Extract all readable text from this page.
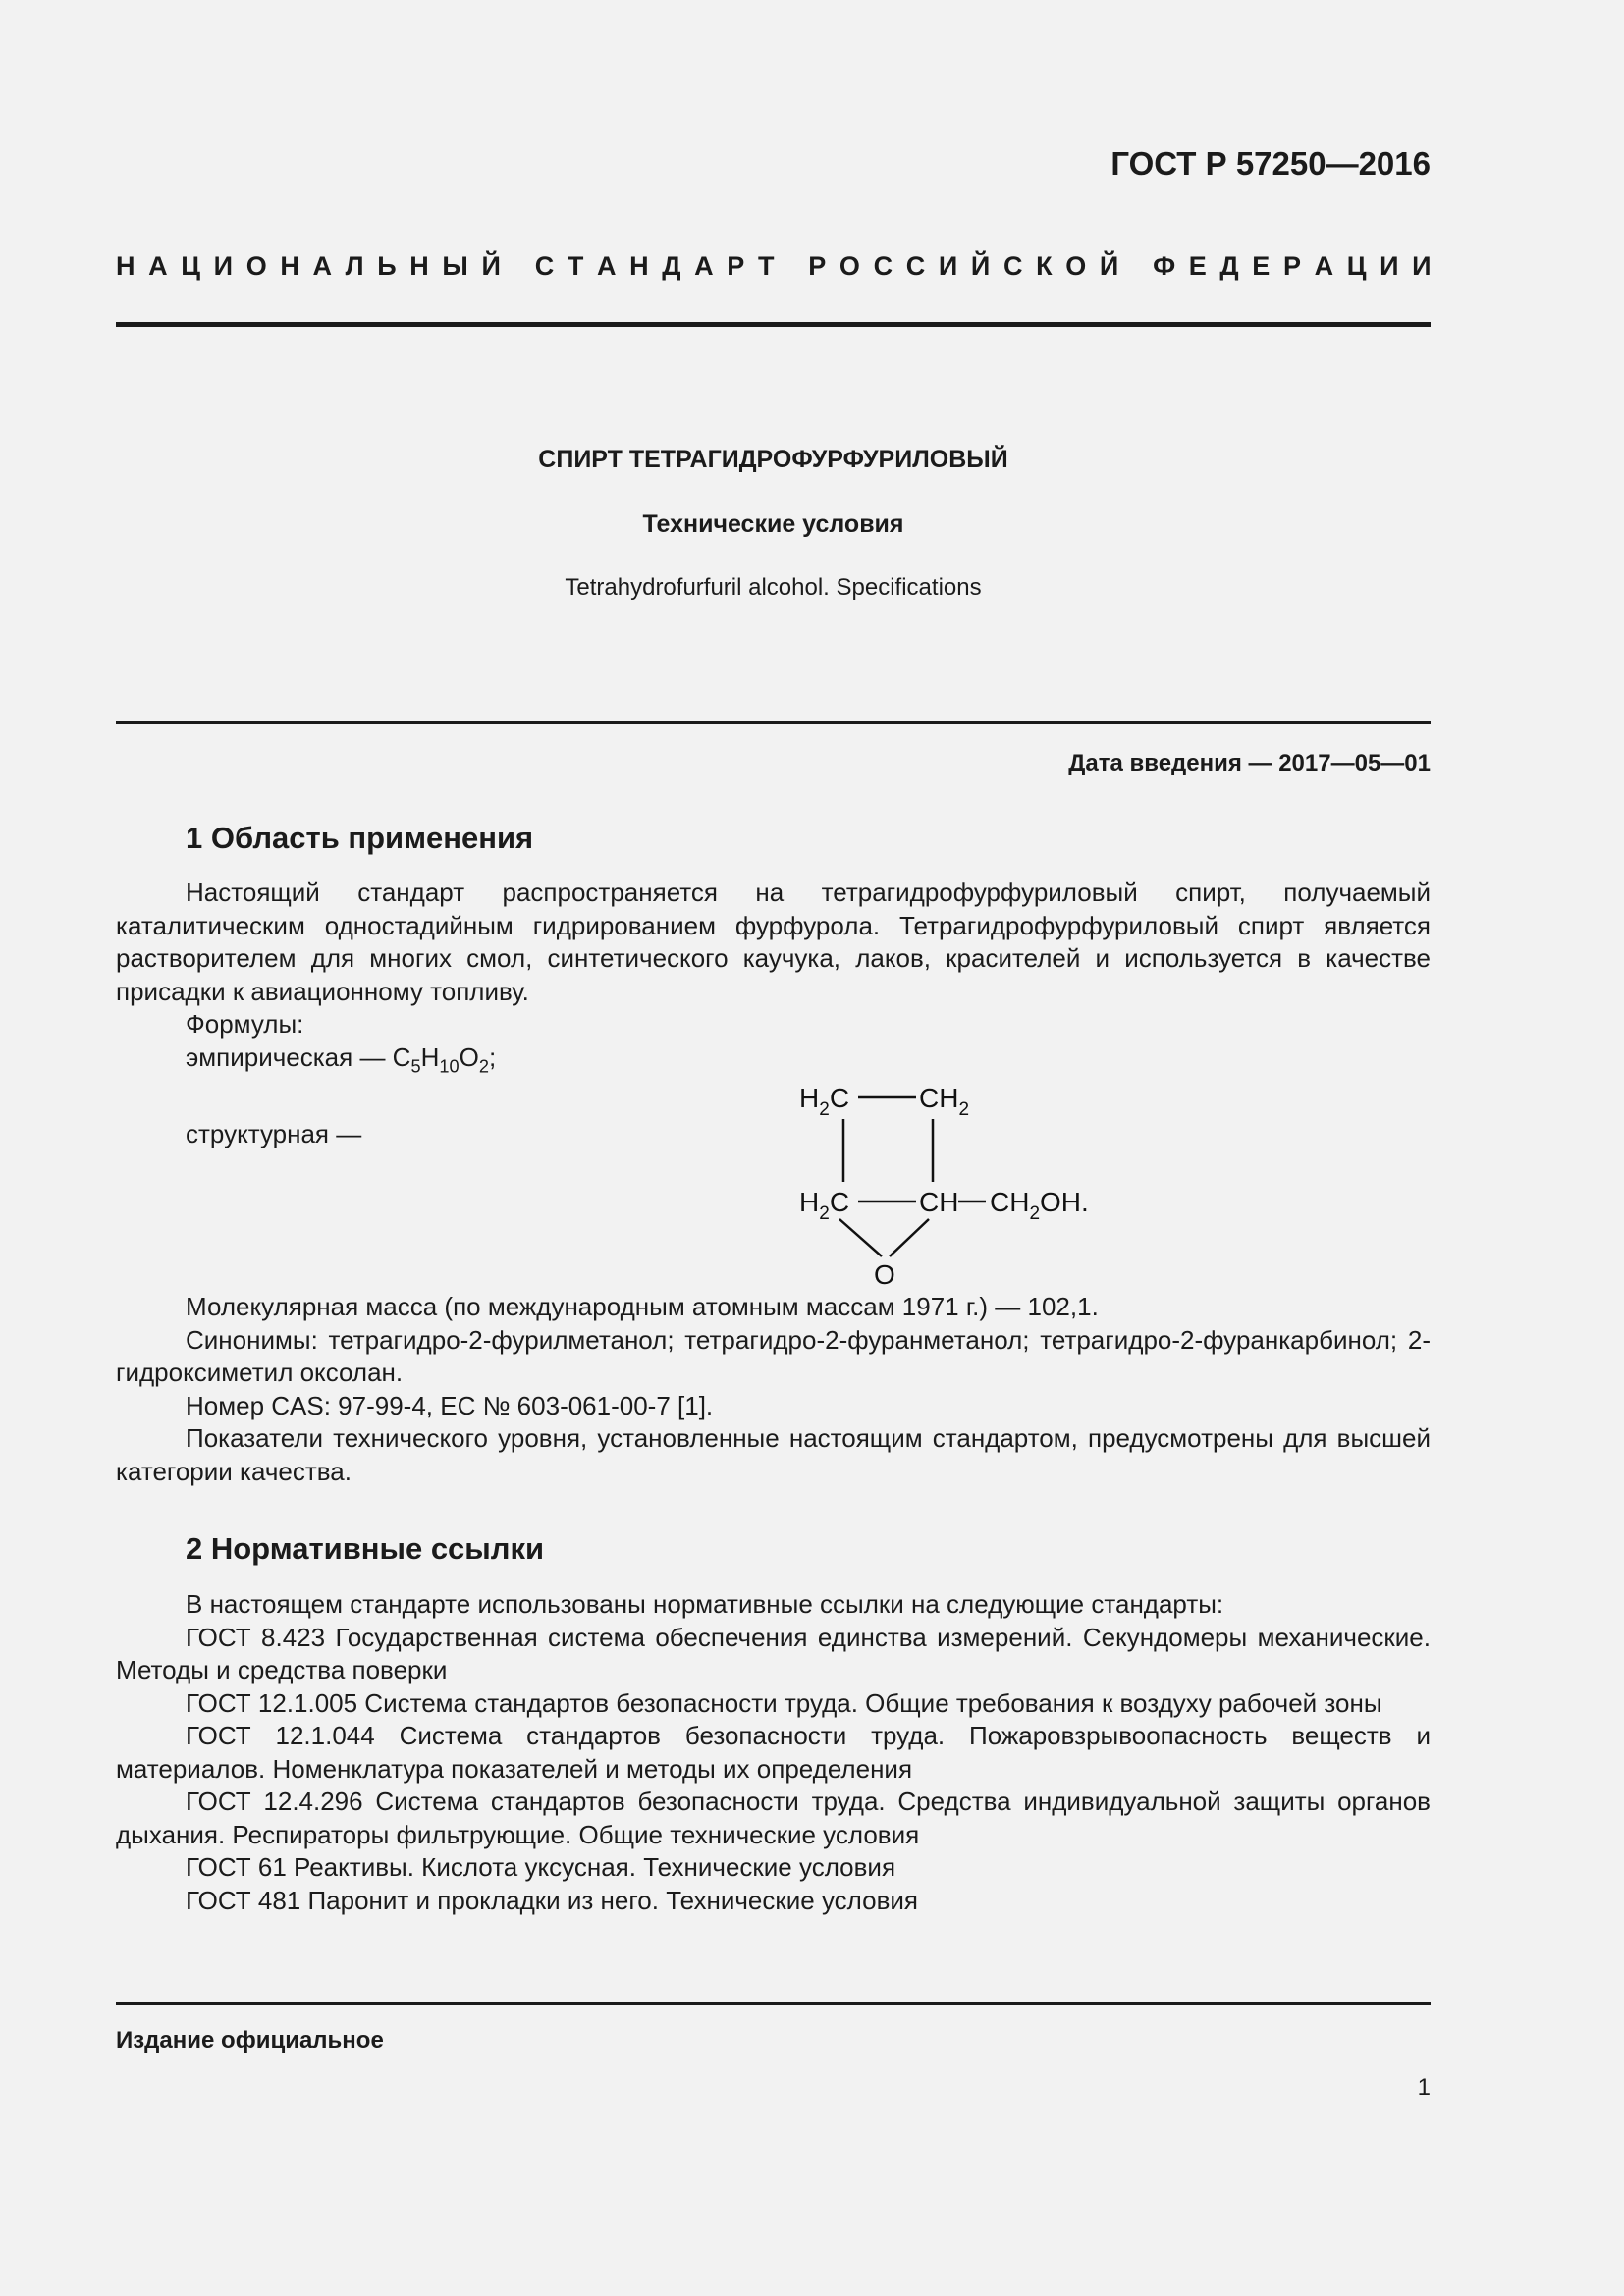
ГОСТ Р 57250—2016
Н А Ц И О Н А Л Ь Н Ы Й
С Т А Н Д А Р Т
Р О С С И Й С К О Й
Ф Е Д Е Р А Ц И И
СПИРТ ТЕТРАГИДРОФУРФУРИЛОВЫЙ
Технические условия
Tetrahydrofurfuril alcohol. Specifications
Дата введения — 2017—05—01
1 Область применения

Настоящий стандарт распространяется на тетрагидрофурфуриловый спирт, получаемый каталитическим одностадийным гидрированием фурфурола. Тетрагидрофурфуриловый спирт является растворителем для многих смол, синтетического каучука, лаков, красителей и используется в качестве присадки к авиационному топливу.

Формулы:

эмпирическая — $C_5H_{10}O_2$;

структурная —
$H_2C$	$CH_2$
$H_2C$	CH $CH_2OH$.
O

Молекулярная масса (по международным атомным массам 1971 г.) — 102,1.

Синонимы: тетрагидро-2-фурилметанол; тетрагидро-2-фуранметанол; тетрагидро-2-фуранкарбинол; 2-гидроксиметил оксолан.

Номер CAS: 97-99-4, ЕС № 603-061-00-7 [1].

Показатели технического уровня, установленные настоящим стандартом, предусмотрены для высшей категории качества.

2 Нормативные ссылки

В настоящем стандарте использованы нормативные ссылки на следующие стандарты:

ГОСТ 8.423 Государственная система обеспечения единства измерений. Секундомеры механические. Методы и средства поверки

ГОСТ 12.1.005 Система стандартов безопасности труда. Общие требования к воздуху рабочей зоны

ГОСТ 12.1.044 Система стандартов безопасности труда. Пожаровзрывоопасность веществ и материалов. Номенклатура показателей и методы их определения

ГОСТ 12.4.296 Система стандартов безопасности труда. Средства индивидуальной защиты органов дыхания. Респираторы фильтрующие. Общие технические условия

ГОСТ 61 Реактивы. Кислота уксусная. Технические условия

ГОСТ 481 Паронит и прокладки из него. Технические условия

Издание официальное
1
